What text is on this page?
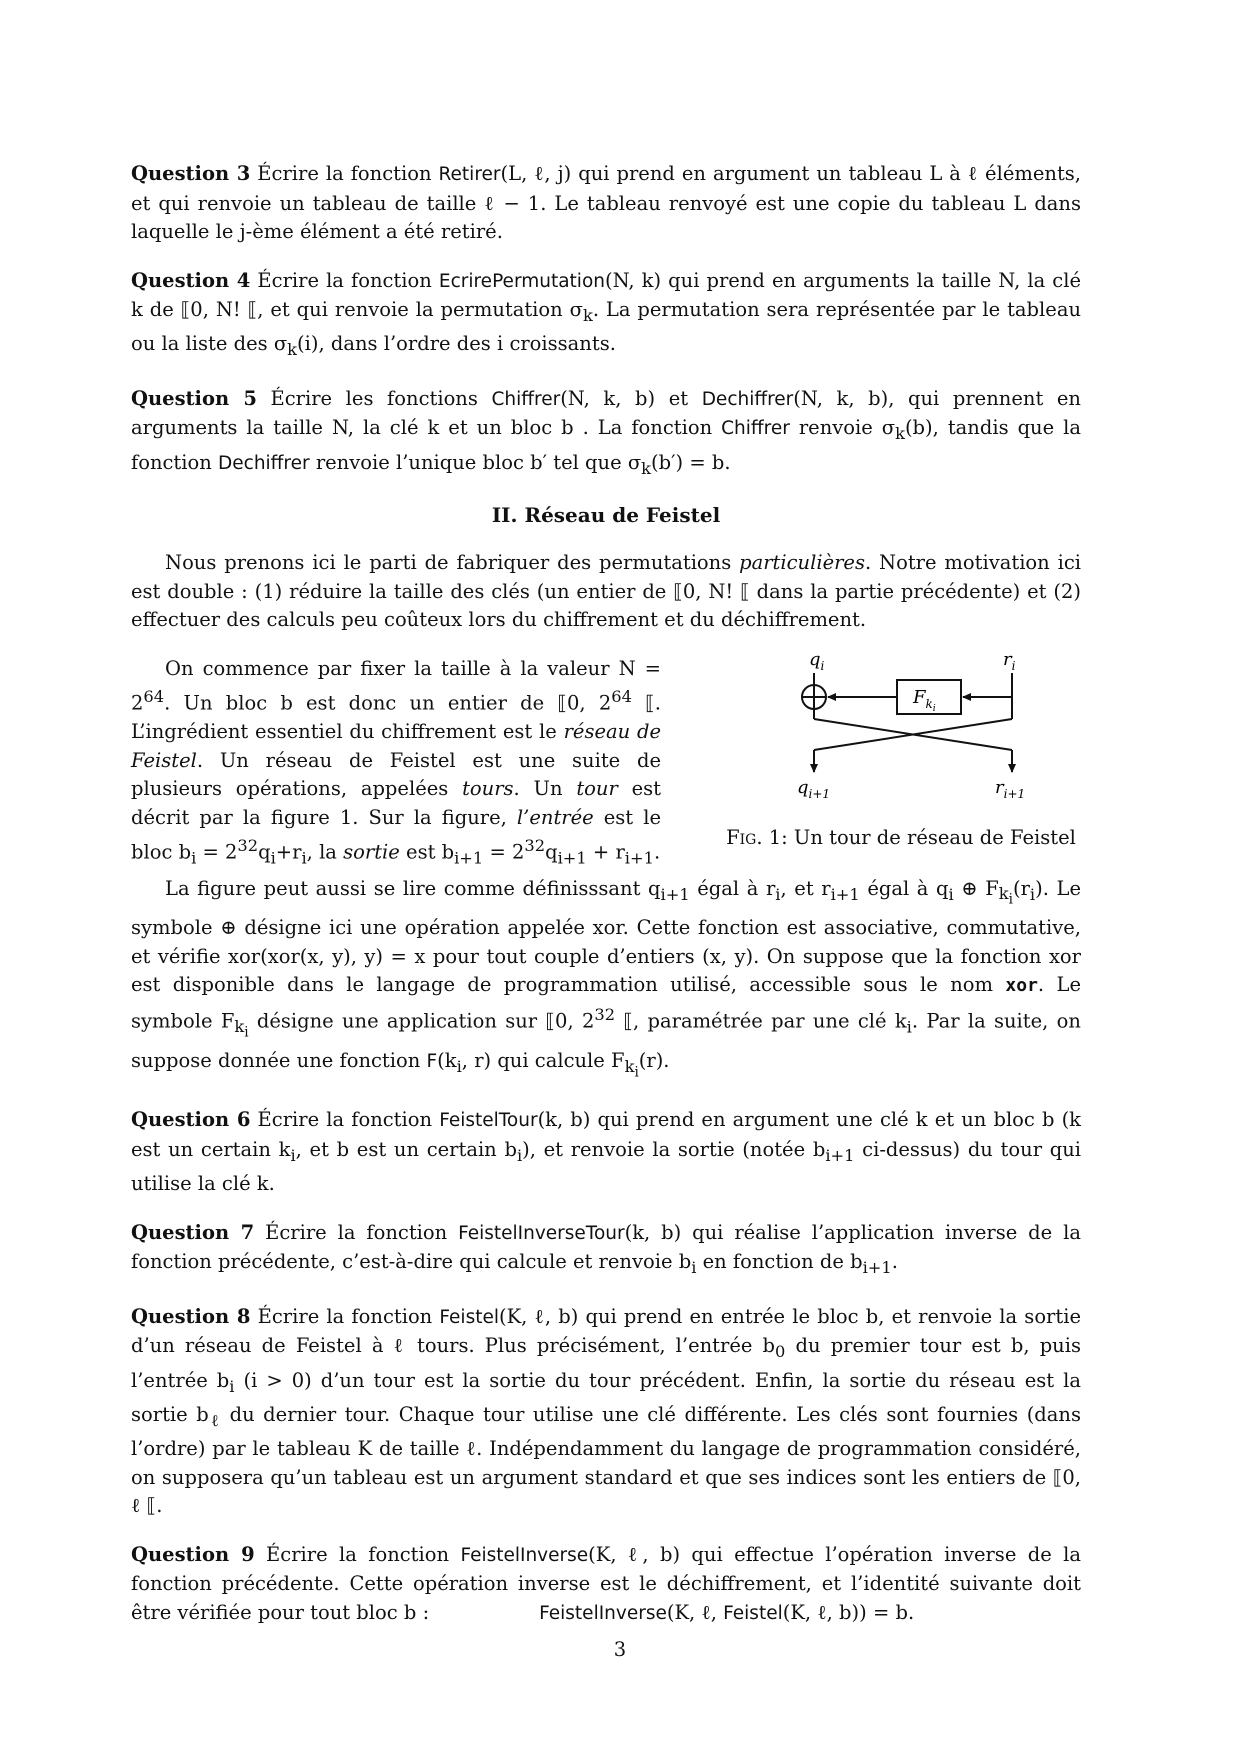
Question 3 Écrire la fonction Retirer(L, ℓ, j) qui prend en argument un tableau L à ℓ éléments, et qui renvoie un tableau de taille ℓ − 1. Le tableau renvoyé est une copie du tableau L dans laquelle le j-ème élément a été retiré.

Question 4 Écrire la fonction EcrirePermutation(N, k) qui prend en arguments la taille N, la clé k de ⟦0, N! ⟦, et qui renvoie la permutation $\sigma_k$. La permutation sera représentée par le tableau ou la liste des $\sigma_k(i)$, dans l’ordre des i croissants.

Question 5 Écrire les fonctions Chiffrer(N, k, b) et Dechiffrer(N, k, b), qui prennent en arguments la taille N, la clé k et un bloc b . La fonction Chiffrer renvoie $\sigma_k(b)$, tandis que la fonction Dechiffrer renvoie l’unique bloc b′ tel que $\sigma_k(b') = b$.

II. Réseau de Feistel

Nous prenons ici le parti de fabriquer des permutations particulières. Notre motivation ici est double : (1) réduire la taille des clés (un entier de ⟦0, N! ⟦ dans la partie précédente) et (2) effectuer des calculs peu coûteux lors du chiffrement et du déchiffrement.

On commence par fixer la taille à la valeur $N = 2^{64}$. Un bloc b est donc un entier de ⟦0, $2^{64}$ ⟦. L’ingrédient essentiel du chiffrement est le réseau de Feistel. Un réseau de Feistel est une suite de plusieurs opérations, appelées tours. Un tour est décrit par la figure 1. Sur la figure, l’entrée est le bloc $b_i = 2^{32}q_i+r_i$, la sortie est $b_{i+1} = 2^{32}q_{i+1} + r_{i+1}$.

$q_i$	$r_i$
$F_ki$
$q_{i+1}$	$r_{i+1}$

Fig. 1: Un tour de réseau de Feistel

La figure peut aussi se lire comme définisssant $q_{i+1}$ égal à $r_i$, et $r_{i+1}$ égal à $q_i$ ⊕ $F_{k_i}(r_i)$. Le symbole ⊕ désigne ici une opération appelée xor. Cette fonction est associative, commutative, et vérifie xor(xor(x, y), y) = x pour tout couple d’entiers (x, y). On suppose que la fonction xor est disponible dans le langage de programmation utilisé, accessible sous le nom xor. Le symbole $F_{k_i}$ désigne une application sur ⟦0, $2^{32}$ ⟦, paramétrée par une clé $k_i$. Par la suite, on suppose donnée une fonction $F(k_i$, r) qui calcule $F_{k_i}(r)$.

Question 6 Écrire la fonction FeistelTour(k, b) qui prend en argument une clé k et un bloc b (k est un certain $k_i$, et b est un certain $b_i$), et renvoie la sortie (notée $b_{i+1}$ ci-dessus) du tour qui utilise la clé k.

Question 7 Écrire la fonction FeistelInverseTour(k, b) qui réalise l’application inverse de la fonction précédente, c’est-à-dire qui calcule et renvoie $b_i$ en fonction de $b_{i+1}$.

Question 8 Écrire la fonction Feistel(K, ℓ, b) qui prend en entrée le bloc b, et renvoie la sortie d’un réseau de Feistel à ℓ tours. Plus précisément, l’entrée $b_0$ du premier tour est b, puis l’entrée $b_i$ (i > 0) d’un tour est la sortie du tour précédent. Enfin, la sortie du réseau est la sortie $b_\ell$ du dernier tour. Chaque tour utilise une clé différente. Les clés sont fournies (dans l’ordre) par le tableau K de taille ℓ. Indépendamment du langage de programmation considéré, on supposera qu’un tableau est un argument standard et que ses indices sont les entiers de ⟦0, ℓ ⟦.

Question 9 Écrire la fonction FeistelInverse(K, ℓ, b) qui effectue l’opération inverse de la fonction précédente. Cette opération inverse est le déchiffrement, et l’identité suivante doit être vérifiée pour tout bloc b :	FeistelInverse(K, ℓ, Feistel(K, ℓ, b)) = b.

3
